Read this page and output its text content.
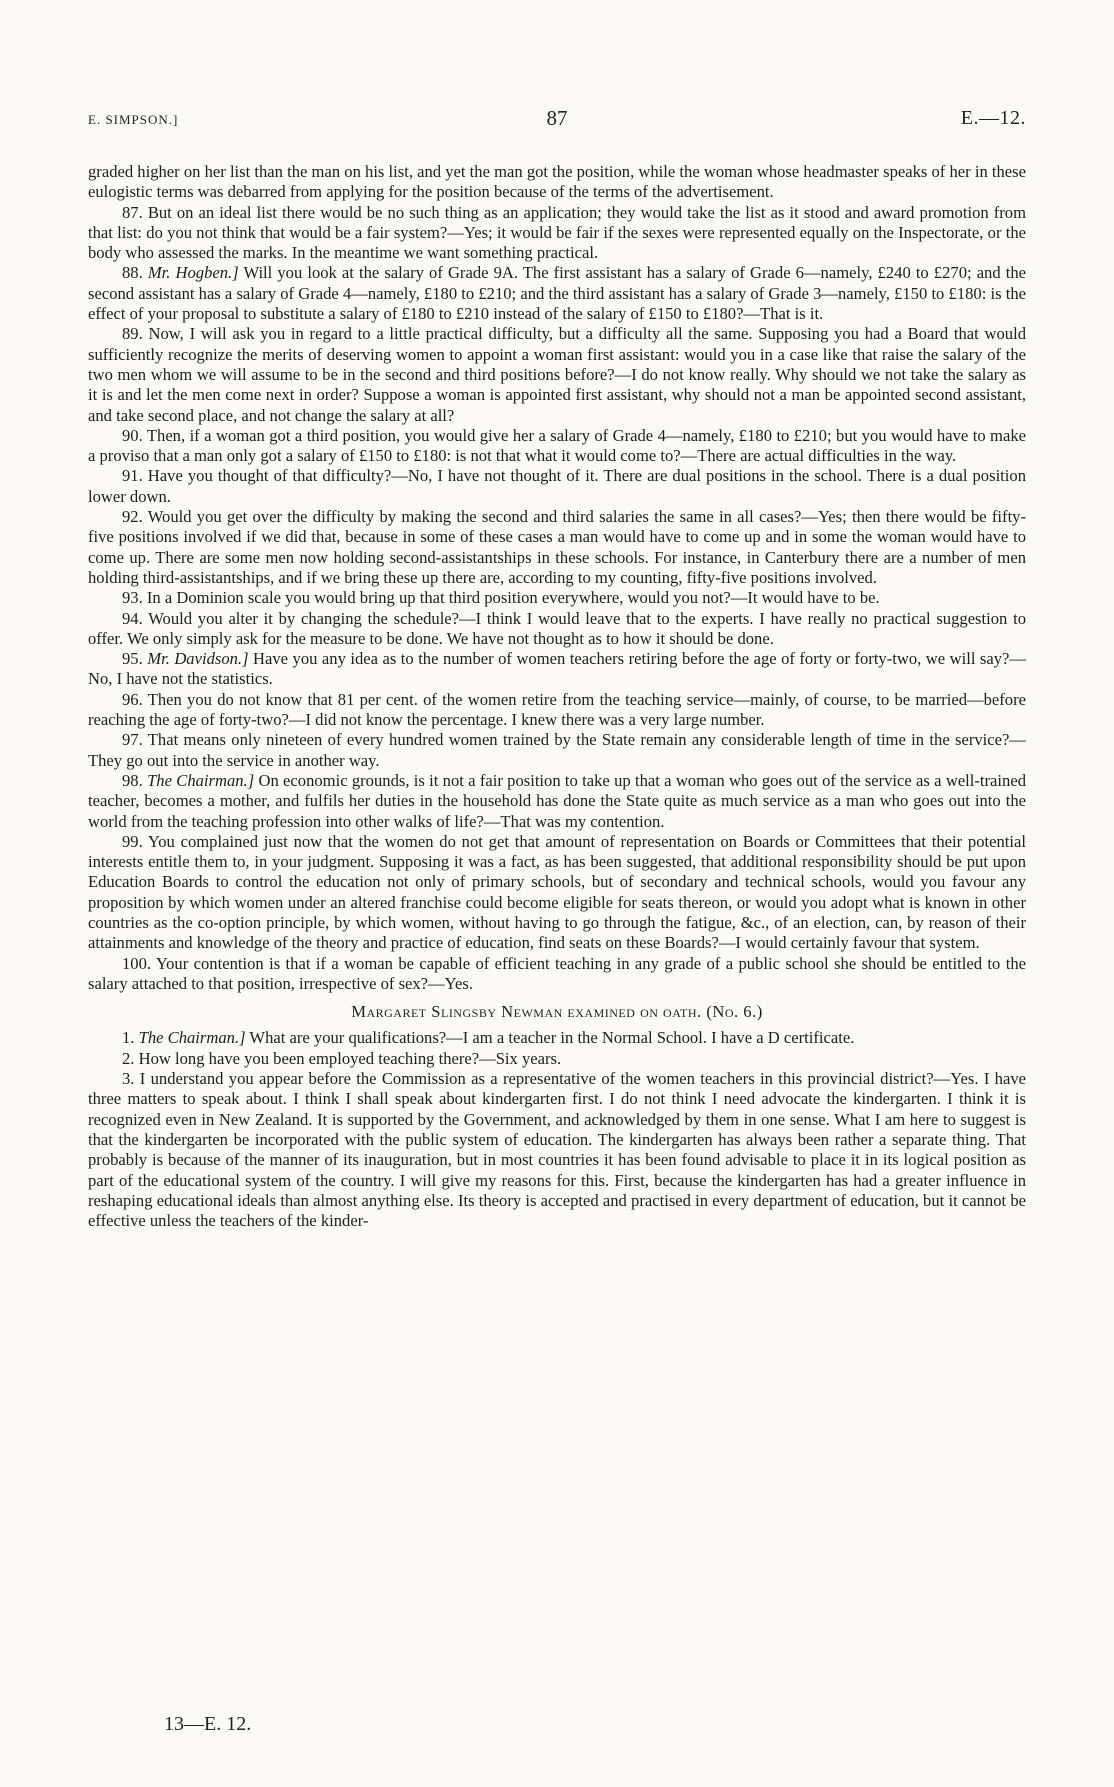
E. SIMPSON.]	87	E.—12.

graded higher on her list than the man on his list, and yet the man got the position, while the woman whose headmaster speaks of her in these eulogistic terms was debarred from applying for the position because of the terms of the advertisement.

87. But on an ideal list there would be no such thing as an application; they would take the list as it stood and award promotion from that list: do you not think that would be a fair system?—Yes; it would be fair if the sexes were represented equally on the Inspectorate, or the body who assessed the marks. In the meantime we want something practical.

88. Mr. Hogben.] Will you look at the salary of Grade 9A. The first assistant has a salary of Grade 6—namely, £240 to £270; and the second assistant has a salary of Grade 4—namely, £180 to £210; and the third assistant has a salary of Grade 3—namely, £150 to £180: is the effect of your proposal to substitute a salary of £180 to £210 instead of the salary of £150 to £180?—That is it.

89. Now, I will ask you in regard to a little practical difficulty, but a difficulty all the same. Supposing you had a Board that would sufficiently recognize the merits of deserving women to appoint a woman first assistant: would you in a case like that raise the salary of the two men whom we will assume to be in the second and third positions before?—I do not know really. Why should we not take the salary as it is and let the men come next in order? Suppose a woman is appointed first assistant, why should not a man be appointed second assistant, and take second place, and not change the salary at all?

90. Then, if a woman got a third position, you would give her a salary of Grade 4—namely, £180 to £210; but you would have to make a proviso that a man only got a salary of £150 to £180: is not that what it would come to?—There are actual difficulties in the way.

91. Have you thought of that difficulty?—No, I have not thought of it. There are dual positions in the school. There is a dual position lower down.

92. Would you get over the difficulty by making the second and third salaries the same in all cases?—Yes; then there would be fifty-five positions involved if we did that, because in some of these cases a man would have to come up and in some the woman would have to come up. There are some men now holding second-assistantships in these schools. For instance, in Canterbury there are a number of men holding third-assistantships, and if we bring these up there are, according to my counting, fifty-five positions involved.

93. In a Dominion scale you would bring up that third position everywhere, would you not?—It would have to be.

94. Would you alter it by changing the schedule?—I think I would leave that to the experts. I have really no practical suggestion to offer. We only simply ask for the measure to be done. We have not thought as to how it should be done.

95. Mr. Davidson.] Have you any idea as to the number of women teachers retiring before the age of forty or forty-two, we will say?—No, I have not the statistics.

96. Then you do not know that 81 per cent. of the women retire from the teaching service—mainly, of course, to be married—before reaching the age of forty-two?—I did not know the percentage. I knew there was a very large number.

97. That means only nineteen of every hundred women trained by the State remain any considerable length of time in the service?—They go out into the service in another way.

98. The Chairman.] On economic grounds, is it not a fair position to take up that a woman who goes out of the service as a well-trained teacher, becomes a mother, and fulfils her duties in the household has done the State quite as much service as a man who goes out into the world from the teaching profession into other walks of life?—That was my contention.

99. You complained just now that the women do not get that amount of representation on Boards or Committees that their potential interests entitle them to, in your judgment. Supposing it was a fact, as has been suggested, that additional responsibility should be put upon Education Boards to control the education not only of primary schools, but of secondary and technical schools, would you favour any proposition by which women under an altered franchise could become eligible for seats thereon, or would you adopt what is known in other countries as the co-option principle, by which women, without having to go through the fatigue, &c., of an election, can, by reason of their attainments and knowledge of the theory and practice of education, find seats on these Boards?—I would certainly favour that system.

100. Your contention is that if a woman be capable of efficient teaching in any grade of a public school she should be entitled to the salary attached to that position, irrespective of sex?—Yes.

Margaret Slingsby Newman examined on oath. (No. 6.)

1. The Chairman.] What are your qualifications?—I am a teacher in the Normal School. I have a D certificate.

2. How long have you been employed teaching there?—Six years.

3. I understand you appear before the Commission as a representative of the women teachers in this provincial district?—Yes. I have three matters to speak about. I think I shall speak about kindergarten first. I do not think I need advocate the kindergarten. I think it is recognized even in New Zealand. It is supported by the Government, and acknowledged by them in one sense. What I am here to suggest is that the kindergarten be incorporated with the public system of education. The kindergarten has always been rather a separate thing. That probably is because of the manner of its inauguration, but in most countries it has been found advisable to place it in its logical position as part of the educational system of the country. I will give my reasons for this. First, because the kindergarten has had a greater influence in reshaping educational ideals than almost anything else. Its theory is accepted and practised in every department of education, but it cannot be effective unless the teachers of the kinder-

13—E. 12.
